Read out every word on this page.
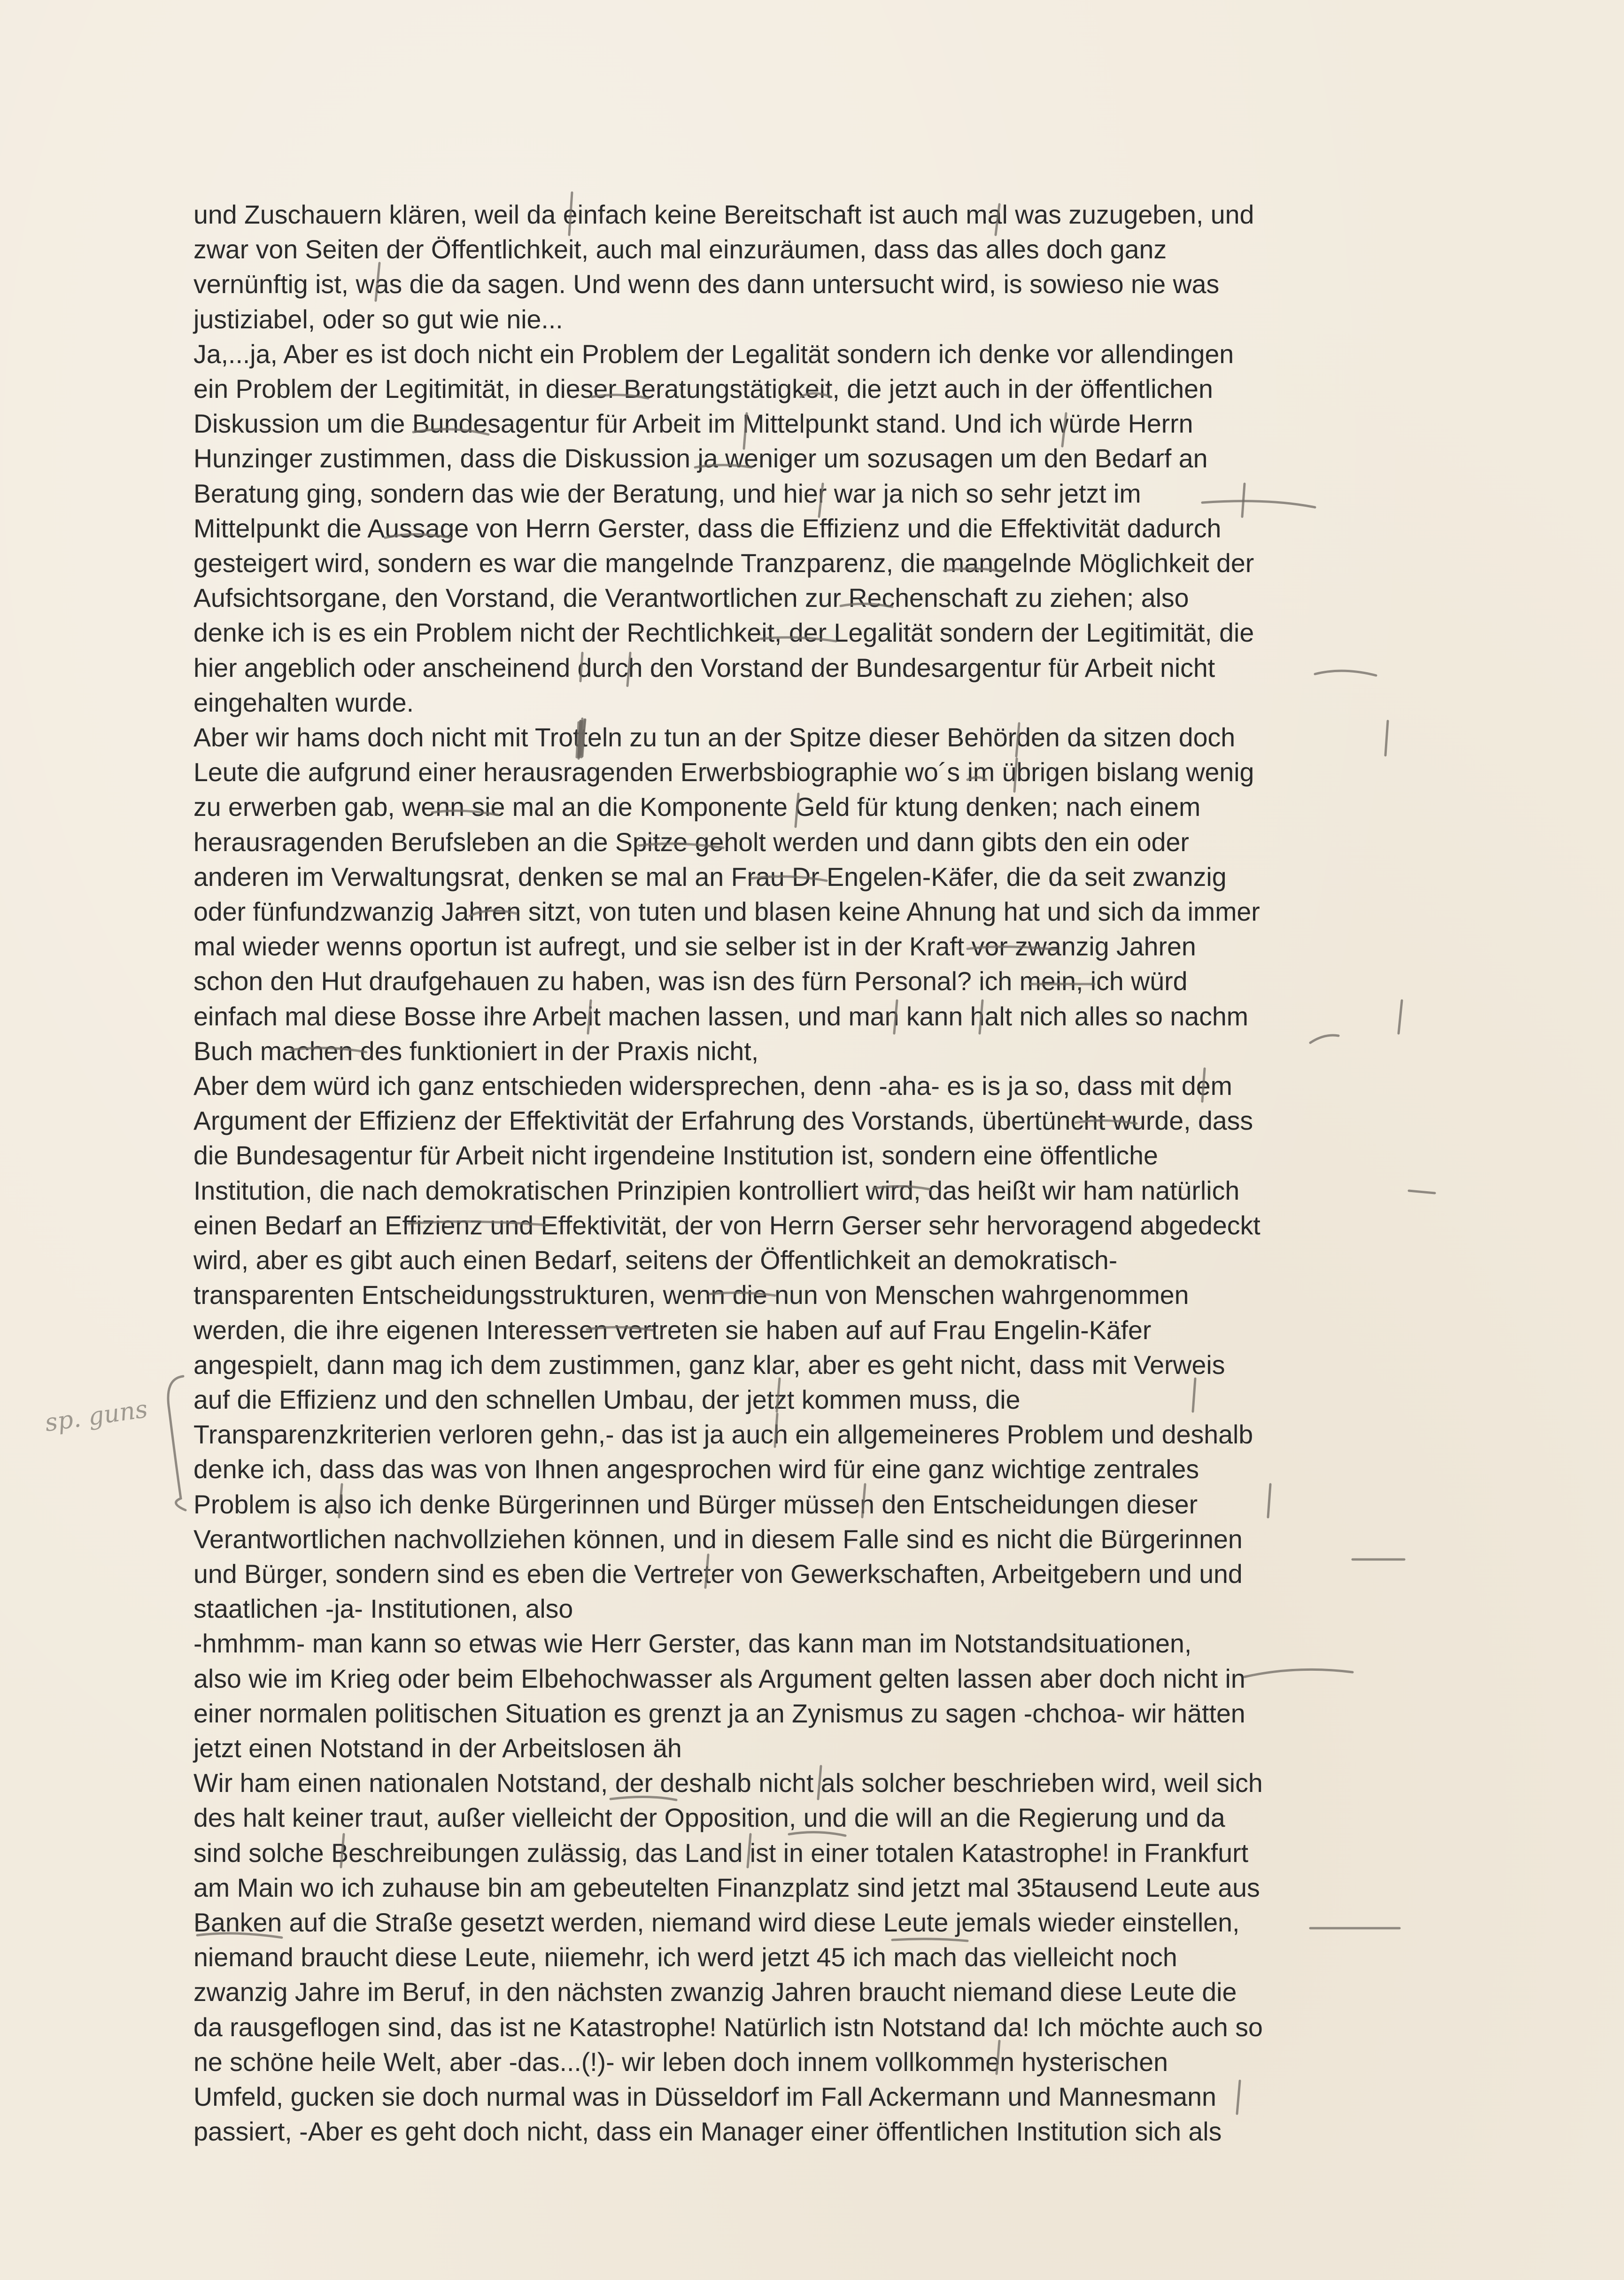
und Zuschauern klären, weil da einfach keine Bereitschaft ist auch mal was zuzugeben, und
zwar von Seiten der Öffentlichkeit, auch mal einzuräumen, dass das alles doch ganz
vernünftig ist, was die da sagen. Und wenn des dann untersucht wird, is sowieso nie was
justiziabel, oder so gut wie nie...
Ja,...ja, Aber es ist doch nicht ein Problem der Legalität sondern ich denke vor allendingen
ein Problem der Legitimität, in dieser Beratungstätigkeit, die jetzt auch in der öffentlichen
Diskussion um die Bundesagentur für Arbeit im Mittelpunkt stand. Und ich würde Herrn
Hunzinger zustimmen, dass die Diskussion ja weniger um sozusagen um den Bedarf an
Beratung ging, sondern das wie der Beratung, und hier war ja nich so sehr jetzt im
Mittelpunkt die Aussage von Herrn Gerster, dass die Effizienz und die Effektivität dadurch
gesteigert wird, sondern es war die mangelnde Tranzparenz, die mangelnde Möglichkeit der
Aufsichtsorgane, den Vorstand, die Verantwortlichen zur Rechenschaft zu ziehen; also
denke ich is es ein Problem nicht der Rechtlichkeit, der Legalität sondern der Legitimität, die
hier angeblich oder anscheinend durch den Vorstand der Bundesargentur für Arbeit nicht
eingehalten wurde.
Aber wir hams doch nicht mit Trotteln zu tun an der Spitze dieser Behörden da sitzen doch
Leute die aufgrund einer herausragenden Erwerbsbiographie wo´s im übrigen bislang wenig
zu erwerben gab, wenn sie mal an die Komponente Geld für ktung denken; nach einem
herausragenden Berufsleben an die Spitze geholt werden und dann gibts den ein oder
anderen im Verwaltungsrat, denken se mal an Frau Dr Engelen-Käfer, die da seit zwanzig
oder fünfundzwanzig Jahren sitzt, von tuten und blasen keine Ahnung hat und sich da immer
mal wieder wenns oportun ist aufregt, und sie selber ist in der Kraft vor zwanzig Jahren
schon den Hut draufgehauen zu haben, was isn des fürn Personal? ich mein, ich würd
einfach mal diese Bosse ihre Arbeit machen lassen, und man kann halt nich alles so nachm
Buch machen des funktioniert in der Praxis nicht,
Aber dem würd ich ganz entschieden widersprechen, denn -aha- es is ja so, dass mit dem
Argument der Effizienz der Effektivität der Erfahrung des Vorstands, übertüncht wurde, dass
die Bundesagentur für Arbeit nicht irgendeine Institution ist, sondern eine öffentliche
Institution, die nach demokratischen Prinzipien kontrolliert wird, das heißt wir ham natürlich
einen Bedarf an Effizienz und Effektivität, der von Herrn Gerser sehr hervoragend abgedeckt
wird, aber es gibt auch einen Bedarf, seitens der Öffentlichkeit an demokratisch-
transparenten Entscheidungsstrukturen, wenn die nun von Menschen wahrgenommen
werden, die ihre eigenen Interessen vertreten sie haben auf auf Frau Engelin-Käfer
angespielt, dann mag ich dem zustimmen, ganz klar, aber es geht nicht, dass mit Verweis
auf die Effizienz und den schnellen Umbau, der jetzt kommen muss, die
Transparenzkriterien verloren gehn,- das ist ja auch ein allgemeineres Problem und deshalb
denke ich, dass das was von Ihnen angesprochen wird für eine ganz wichtige zentrales
Problem is also ich denke Bürgerinnen und Bürger müssen den Entscheidungen dieser
Verantwortlichen nachvollziehen können, und in diesem Falle sind es nicht die Bürgerinnen
und Bürger, sondern sind es eben die Vertreter von Gewerkschaften, Arbeitgebern und und
staatlichen -ja- Institutionen, also
-hmhmm- man kann so etwas wie Herr Gerster, das kann man im Notstandsituationen,
also wie im Krieg oder beim Elbehochwasser als Argument gelten lassen aber doch nicht in
einer normalen politischen Situation es grenzt ja an Zynismus zu sagen -chchoa- wir hätten
jetzt einen Notstand in der Arbeitslosen äh
Wir ham einen nationalen Notstand, der deshalb nicht als solcher beschrieben wird, weil sich
des halt keiner traut, außer vielleicht der Opposition, und die will an die Regierung und da
sind solche Beschreibungen zulässig, das Land ist in einer totalen Katastrophe! in Frankfurt
am Main wo ich zuhause bin am gebeutelten Finanzplatz sind jetzt mal 35tausend Leute aus
Banken auf die Straße gesetzt werden, niemand wird diese Leute jemals wieder einstellen,
niemand braucht diese Leute, niiemehr, ich werd jetzt 45 ich mach das vielleicht noch
zwanzig Jahre im Beruf, in den nächsten zwanzig Jahren braucht niemand diese Leute die
da rausgeflogen sind, das ist ne Katastrophe! Natürlich istn Notstand da! Ich möchte auch so
ne schöne heile Welt, aber -das...(!)- wir leben doch innem vollkommen hysterischen
Umfeld, gucken sie doch nurmal was in Düsseldorf im Fall Ackermann und Mannesmann
passiert, -Aber es geht doch nicht, dass ein Manager einer öffentlichen Institution sich als
sp. guns
